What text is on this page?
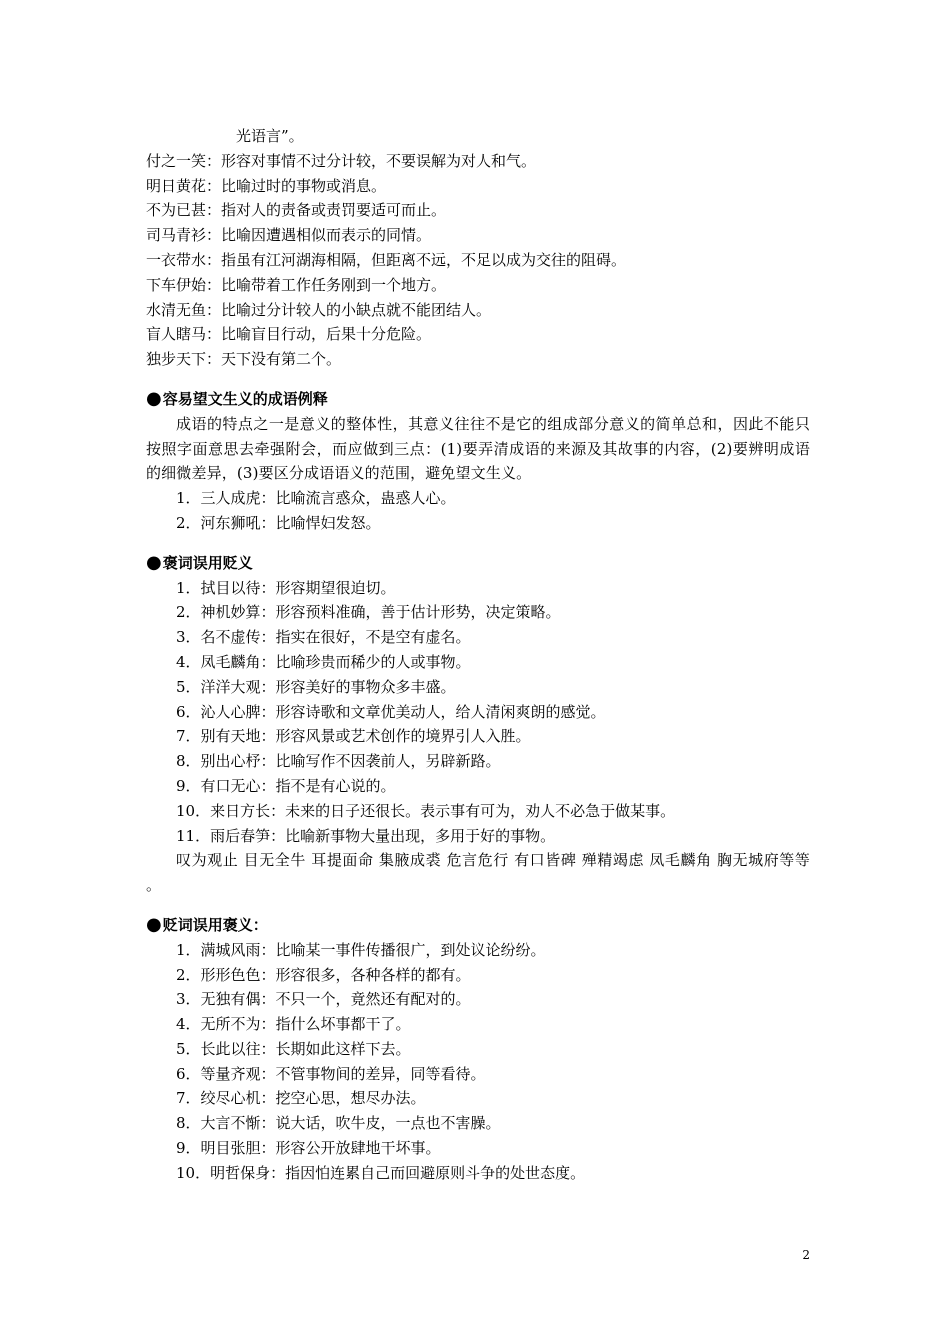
光语言”。

付之一笑：形容对事情不过分计较，不要误解为对人和气。

明日黄花：比喻过时的事物或消息。

不为已甚：指对人的责备或责罚要适可而止。

司马青衫：比喻因遭遇相似而表示的同情。

一衣带水：指虽有江河湖海相隔，但距离不远，不足以成为交往的阻碍。

下车伊始：比喻带着工作任务刚到一个地方。

水清无鱼：比喻过分计较人的小缺点就不能团结人。

盲人瞎马：比喻盲目行动，后果十分危险。

独步天下：天下没有第二个。

●容易望文生义的成语例释

成语的特点之一是意义的整体性，其意义往往不是它的组成部分意义的简单总和，因此不能只按照字面意思去牵强附会，而应做到三点：(1)要弄清成语的来源及其故事的内容，(2)要辨明成语的细微差异，(3)要区分成语语义的范围，避免望文生义。

1．三人成虎：比喻流言惑众，蛊惑人心。

2．河东狮吼：比喻悍妇发怒。

●褒词误用贬义

1．拭目以待：形容期望很迫切。

2．神机妙算：形容预料准确，善于估计形势，决定策略。

3．名不虚传：指实在很好，不是空有虚名。

4．凤毛麟角：比喻珍贵而稀少的人或事物。

5．洋洋大观：形容美好的事物众多丰盛。

6．沁人心脾：形容诗歌和文章优美动人，给人清闲爽朗的感觉。

7．别有天地：形容风景或艺术创作的境界引人入胜。

8．别出心杼：比喻写作不因袭前人，另辟新路。

9．有口无心：指不是有心说的。

10．来日方长：未来的日子还很长。表示事有可为，劝人不必急于做某事。

11．雨后春笋：比喻新事物大量出现，多用于好的事物。

叹为观止 目无全牛 耳提面命 集腋成裘 危言危行 有口皆碑 殚精竭虑 凤毛麟角 胸无城府等等 。

●贬词误用褒义：

1．满城风雨：比喻某一事件传播很广，到处议论纷纷。

2．形形色色：形容很多，各种各样的都有。

3．无独有偶：不只一个，竟然还有配对的。

4．无所不为：指什么坏事都干了。

5．长此以往：长期如此这样下去。

6．等量齐观：不管事物间的差异，同等看待。

7．绞尽心机：挖空心思，想尽办法。

8．大言不惭：说大话，吹牛皮，一点也不害臊。

9．明目张胆：形容公开放肆地干坏事。

10．明哲保身：指因怕连累自己而回避原则斗争的处世态度。

2
